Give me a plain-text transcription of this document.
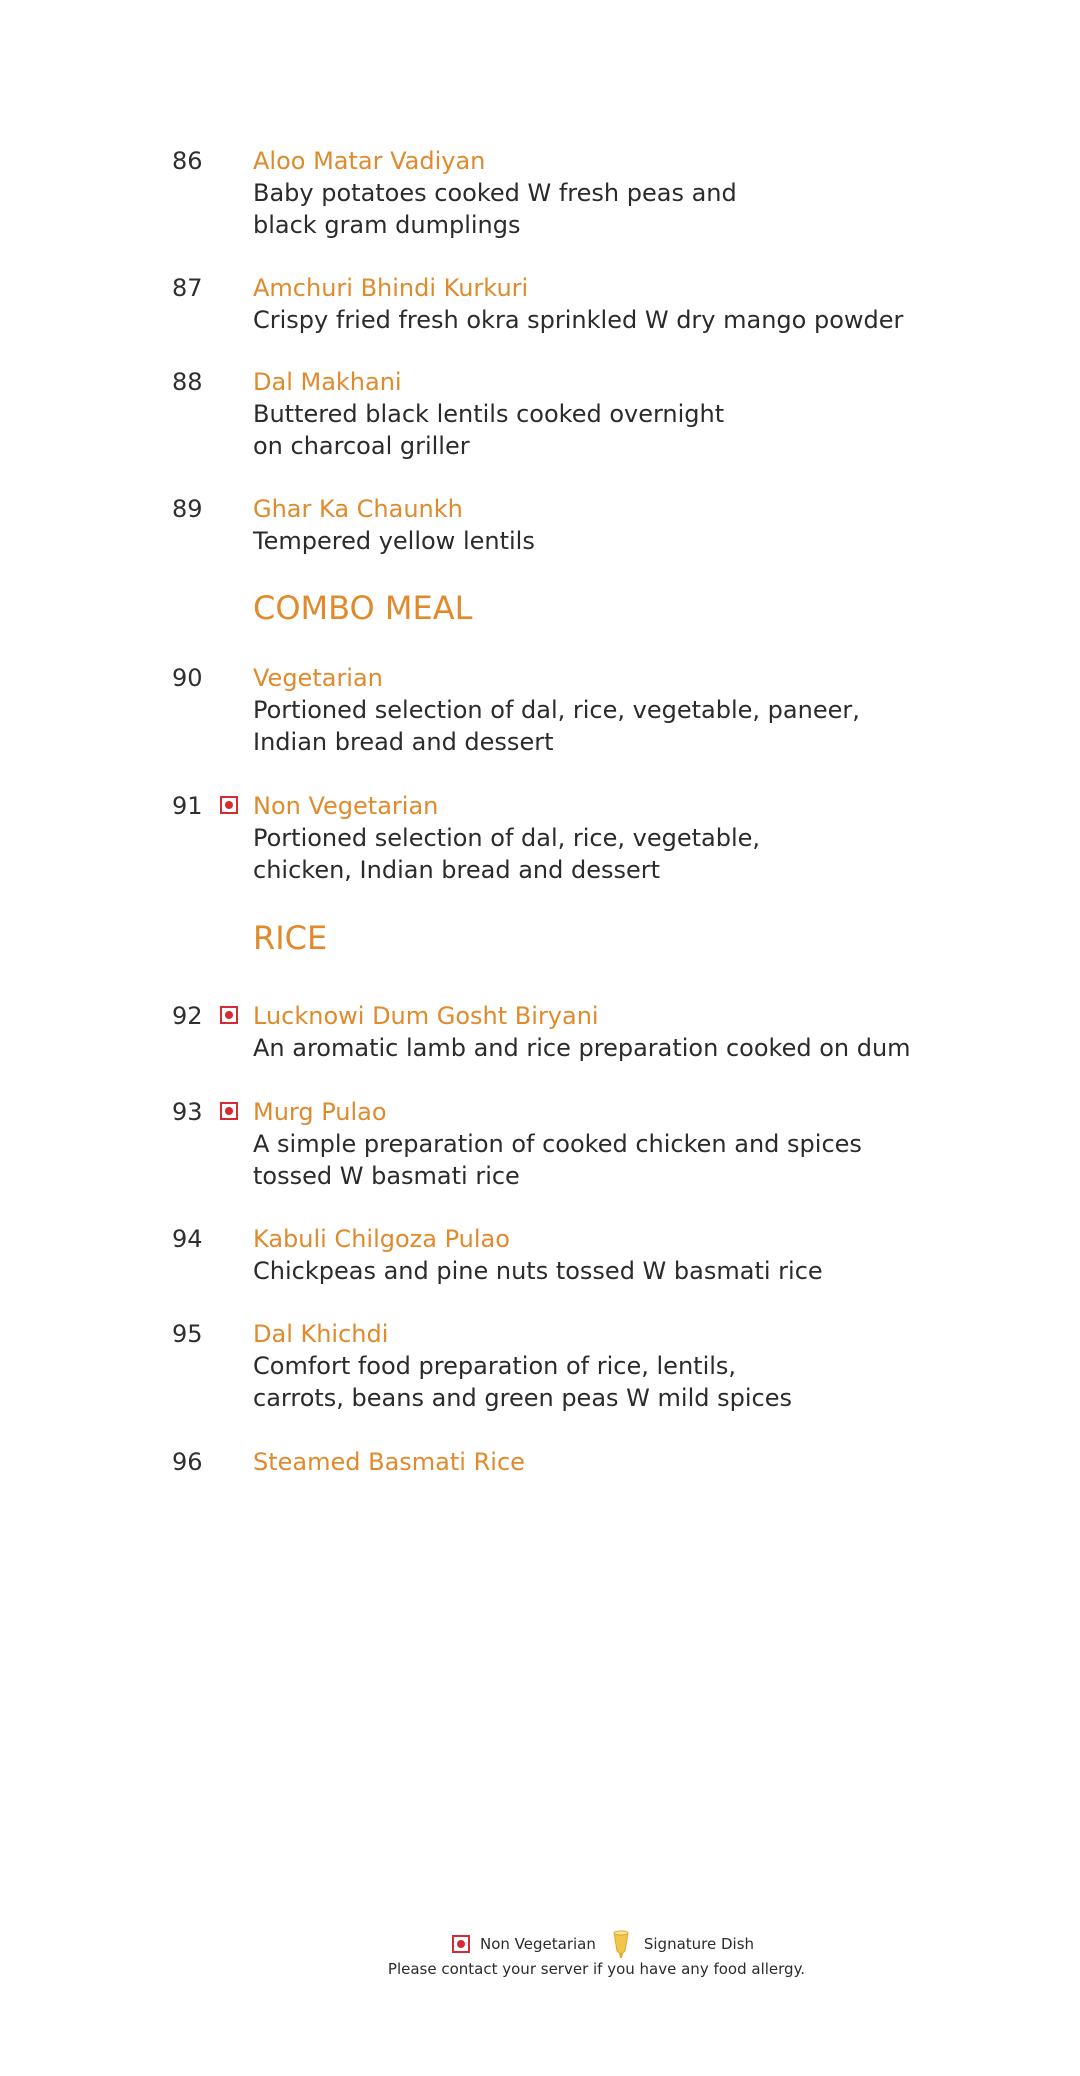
86 Aloo Matar Vadiyan
Baby potatoes cooked W fresh peas and
black gram dumplings
87 Amchuri Bhindi Kurkuri
Crispy fried fresh okra sprinkled W dry mango powder
88 Dal Makhani
Buttered black lentils cooked overnight
on charcoal griller
89 Ghar Ka Chaunkh
Tempered yellow lentils
COMBO MEAL
90 Vegetarian
Portioned selection of dal, rice, vegetable, paneer,
Indian bread and dessert
91 Non Vegetarian
Portioned selection of dal, rice, vegetable,
chicken, Indian bread and dessert
RICE
92 Lucknowi Dum Gosht Biryani
An aromatic lamb and rice preparation cooked on dum
93 Murg Pulao
A simple preparation of cooked chicken and spices
tossed W basmati rice
94 Kabuli Chilgoza Pulao
Chickpeas and pine nuts tossed W basmati rice
95 Dal Khichdi
Comfort food preparation of rice, lentils,
carrots, beans and green peas W mild spices
96 Steamed Basmati Rice
Non Vegetarian	Signature Dish
Please contact your server if you have any food allergy.
